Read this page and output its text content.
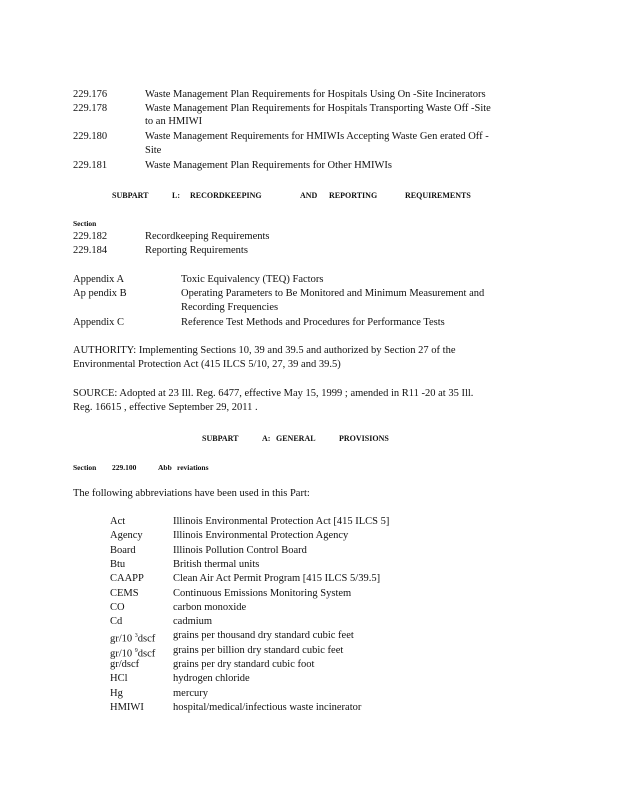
229.176	Waste Management Plan Requirements for Hospitals Using On -Site Incinerators
229.178	Waste Management Plan Requirements for Hospitals Transporting Waste Off -Site
to an HMIWI
229.180	Waste Management Requirements for HMIWIs Accepting Waste Gen erated Off -
Site
229.181	Waste Management Plan Requirements for Other HMIWIs
SUBPART	L: RECORDKEEPING	AND REPORTING	REQUIREMENTS
Section
229.182	Recordkeeping Requirements
229.184	Reporting Requirements
Appendix A	Toxic Equivalency (TEQ) Factors
Ap pendix B	Operating Parameters to Be Monitored and Minimum Measurement and
Recording Frequencies
Appendix C	Reference Test Methods and Procedures for Performance Tests
AUTHORITY: Implementing Sections 10, 39 and 39.5 and authorized by Section 27 of the
Environmental Protection Act (415 ILCS 5/10, 27, 39 and 39.5)
SOURCE: Adopted at 23 Ill. Reg. 6477, effective May 15, 1999 ; amended in R11 -20 at 35 Ill.
Reg. 16615 , effective September 29, 2011 .
SUBPART	A: GENERAL	PROVISIONS
Section 229.100	Abb reviations
The following abbreviations have been used in this Part:
Act	Illinois Environmental Protection Act [415 ILCS 5]
Agency	Illinois Environmental Protection Agency
Board	Illinois Pollution Control Board
Btu	British thermal units
CAAPP	Clean Air Act Permit Program [415 ILCS 5/39.5]
CEMS	Continuous Emissions Monitoring System
CO	carbon monoxide
Cd	cadmium
gr/10 $^3$dscf grains per thousand dry standard cubic feet
gr/10 $^9$dscf grains per billion dry standard cubic feet
gr/dscf	grains per dry standard cubic foot
HCl	hydrogen chloride
Hg	mercury
HMIWI	hospital/medical/infectious waste incinerator
